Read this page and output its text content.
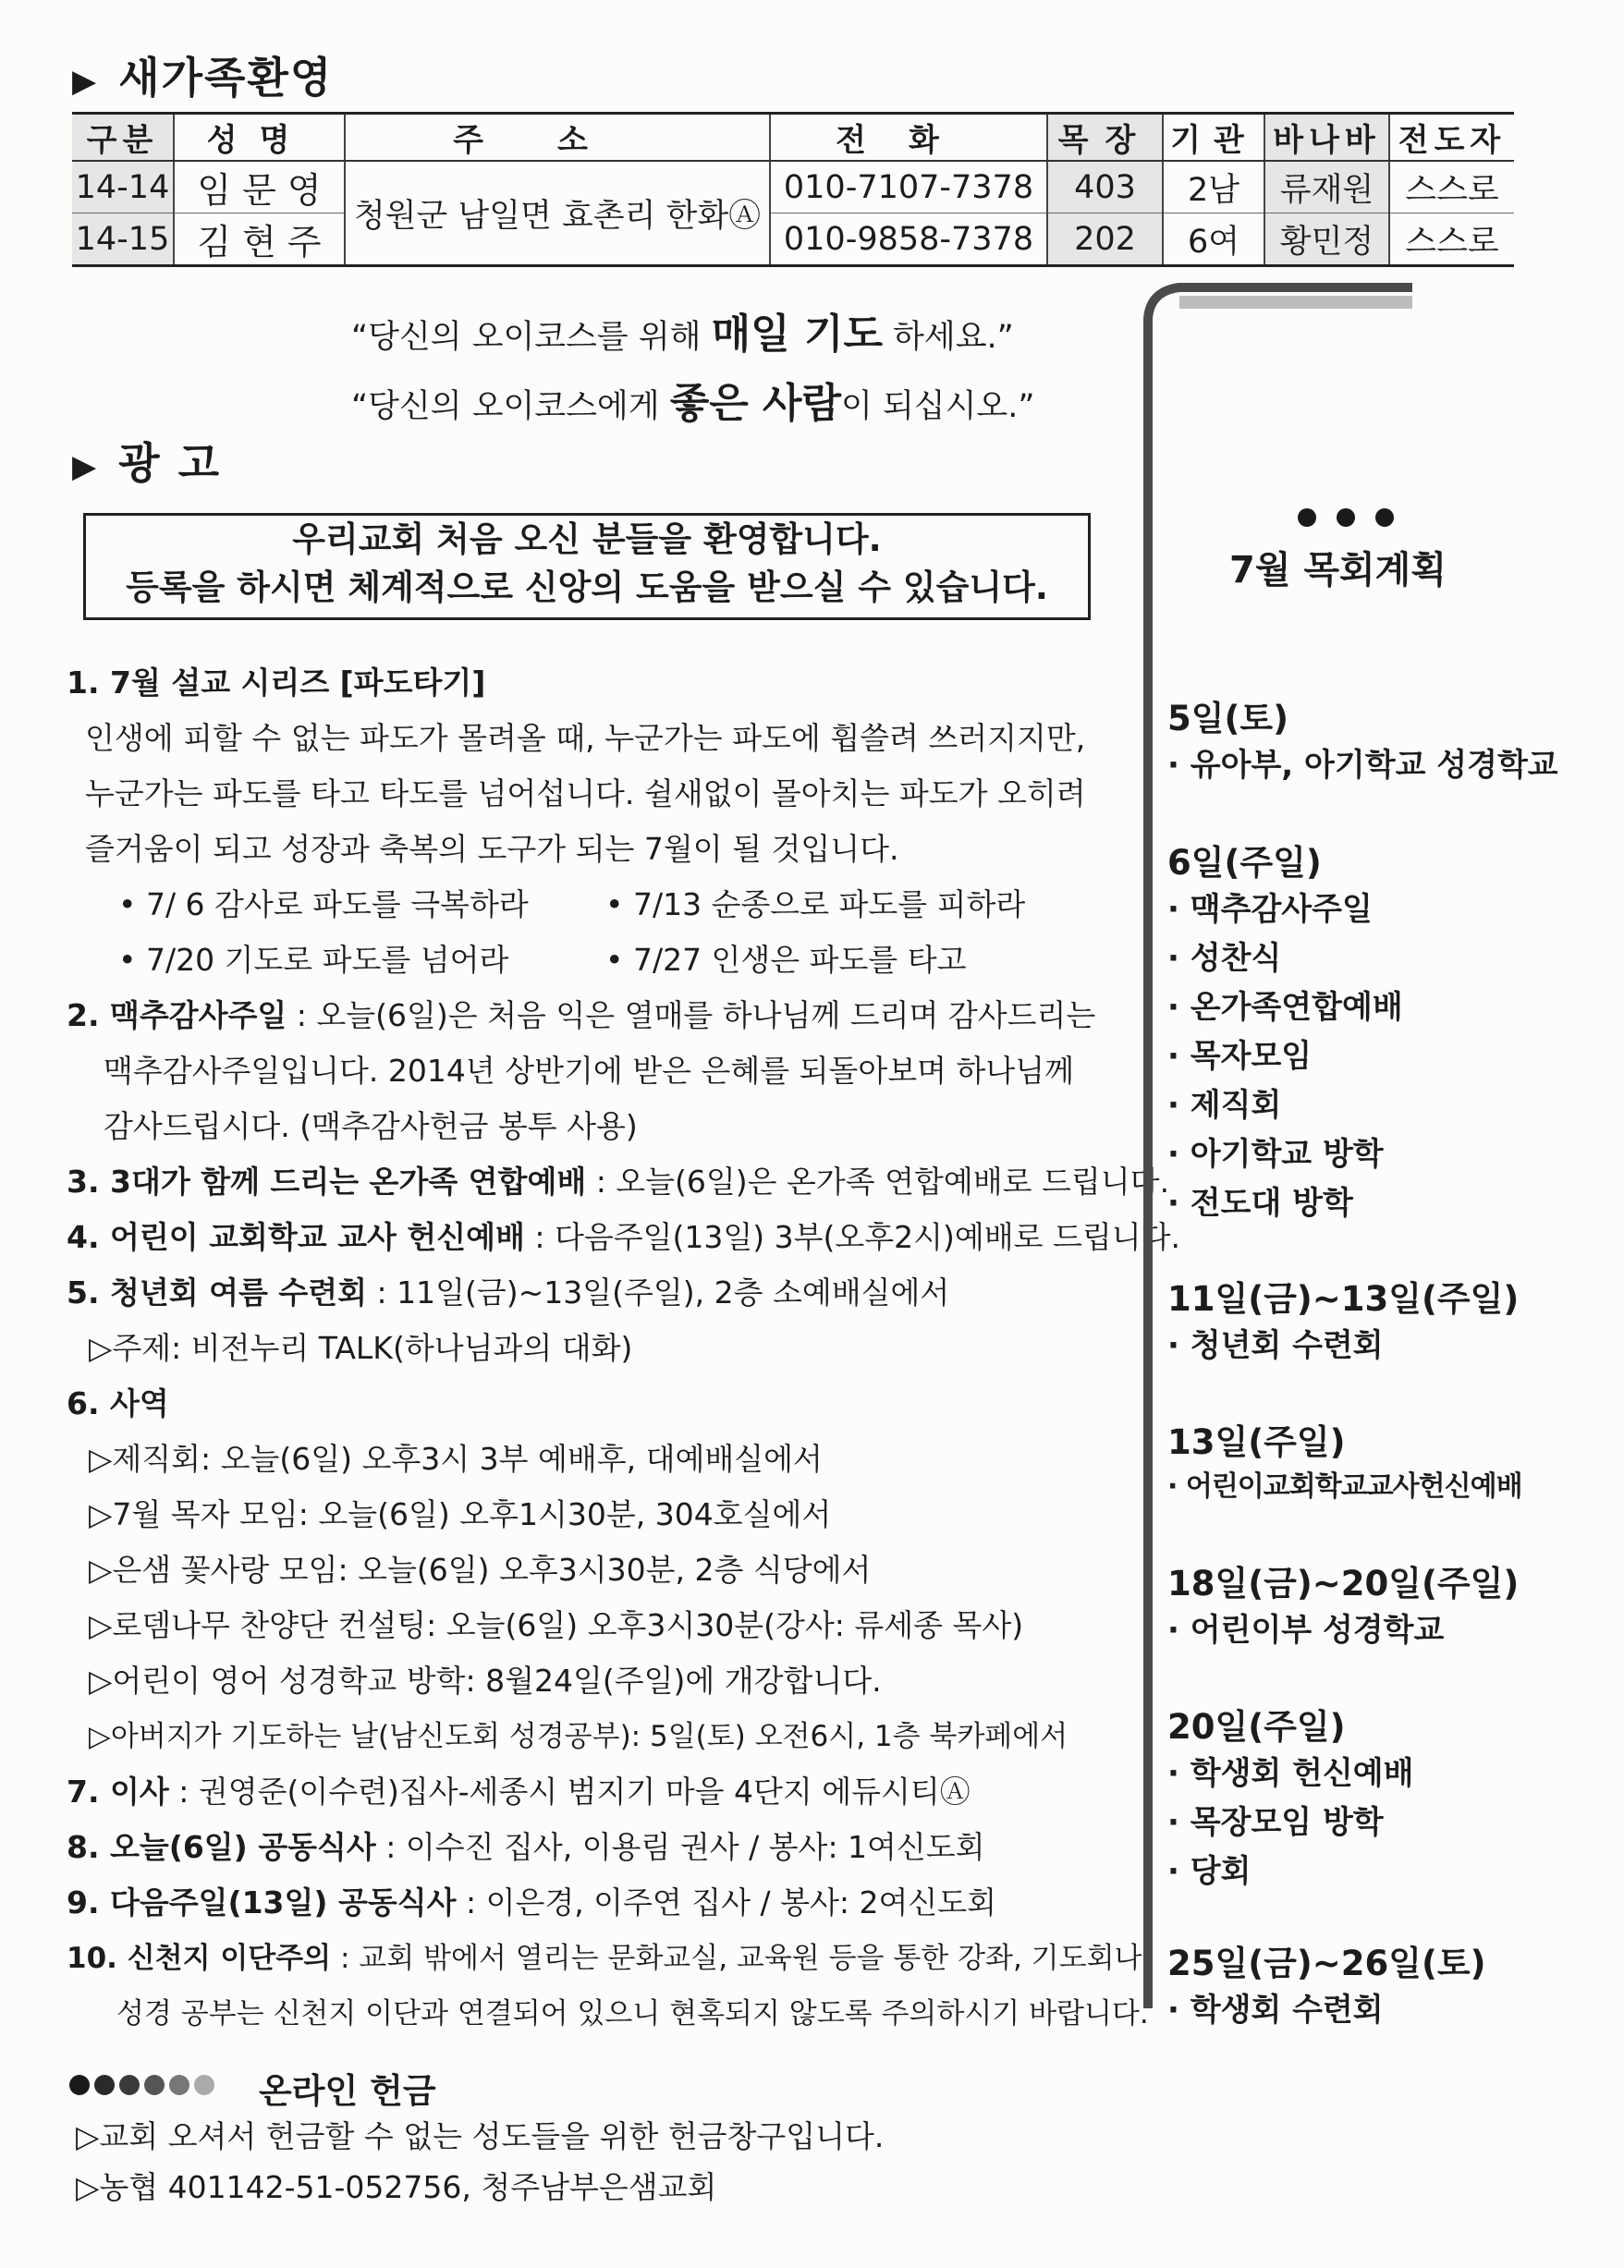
▶ 새가족환영
구분	성명	주소	전화	목장	기관	바나바	전도자
14-14	임 문 영	청원군 남일면 효촌리 한화Ⓐ	010-7107-7378	403	2남	류재원	스스로
14-15	김 현 주		010-9858-7378	202	6여	황민정	스스로
“당신의 오이코스를 위해 매일 기도 하세요.”
“당신의 오이코스에게 좋은 사람이 되십시오.”
▶ 광 고
우리교회 처음 오신 분들을 환영합니다.
등록을 하시면 체계적으로 신앙의 도움을 받으실 수 있습니다.
1. 7월 설교 시리즈 [파도타기]
인생에 피할 수 없는 파도가 몰려올 때, 누군가는 파도에 휩쓸려 쓰러지지만,
누군가는 파도를 타고 타도를 넘어섭니다. 쉴새없이 몰아치는 파도가 오히려
즐거움이 되고 성장과 축복의 도구가 되는 7월이 될 것입니다.
• 7/ 6 감사로 파도를 극복하라	• 7/13 순종으로 파도를 피하라
• 7/20 기도로 파도를 넘어라	• 7/27 인생은 파도를 타고
2. 맥추감사주일 : 오늘(6일)은 처음 익은 열매를 하나님께 드리며 감사드리는
맥추감사주일입니다. 2014년 상반기에 받은 은혜를 되돌아보며 하나님께
감사드립시다. (맥추감사헌금 봉투 사용)
3. 3대가 함께 드리는 온가족 연합예배 : 오늘(6일)은 온가족 연합예배로 드립니다.
4. 어린이 교회학교 교사 헌신예배 : 다음주일(13일) 3부(오후2시)예배로 드립니다.
5. 청년회 여름 수련회 : 11일(금)~13일(주일), 2층 소예배실에서
▷주제: 비전누리 TALK(하나님과의 대화)
6. 사역
▷제직회: 오늘(6일) 오후3시 3부 예배후, 대예배실에서
▷7월 목자 모임: 오늘(6일) 오후1시30분, 304호실에서
▷은샘 꽃사랑 모임: 오늘(6일) 오후3시30분, 2층 식당에서
▷로뎀나무 찬양단 컨설팅: 오늘(6일) 오후3시30분(강사: 류세종 목사)
▷어린이 영어 성경학교 방학: 8월24일(주일)에 개강합니다.
▷아버지가 기도하는 날(남신도회 성경공부): 5일(토) 오전6시, 1층 북카페에서
7. 이사 : 권영준(이수련)집사-세종시 범지기 마을 4단지 에듀시티Ⓐ
8. 오늘(6일) 공동식사 : 이수진 집사, 이용림 권사 / 봉사: 1여신도회
9. 다음주일(13일) 공동식사 : 이은경, 이주연 집사 / 봉사: 2여신도회
10. 신천지 이단주의 : 교회 밖에서 열리는 문화교실, 교육원 등을 통한 강좌, 기도회나
성경 공부는 신천지 이단과 연결되어 있으니 현혹되지 않도록 주의하시기 바랍니다.
온라인 헌금
▷교회 오셔서 헌금할 수 없는 성도들을 위한 헌금창구입니다.
▷농협 401142-51-052756, 청주남부은샘교회
7월 목회계획
5일(토)
· 유아부, 아기학교 성경학교
6일(주일)
· 맥추감사주일
· 성찬식
· 온가족연합예배
· 목자모임
· 제직회
· 아기학교 방학
· 전도대 방학
11일(금)~13일(주일)
· 청년회 수련회
13일(주일)
· 어린이교회학교교사헌신예배
18일(금)~20일(주일)
· 어린이부 성경학교
20일(주일)
· 학생회 헌신예배
· 목장모임 방학
· 당회
25일(금)~26일(토)
· 학생회 수련회
